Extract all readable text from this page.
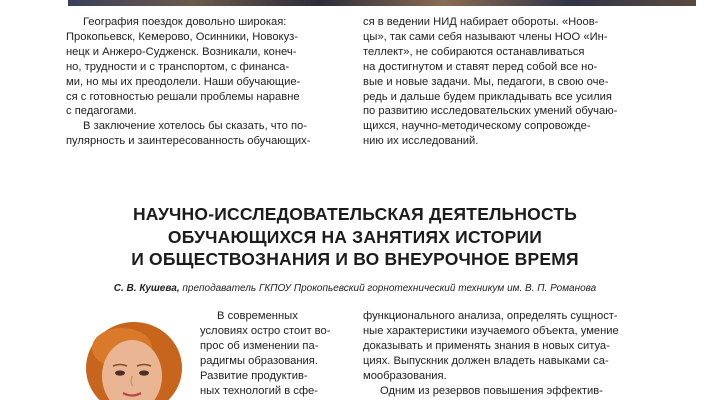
География поездок довольно широкая:
Прокопьевск, Кемерово, Осинники, Новокуз-
нецк и Анжеро-Судженск. Возникали, конеч-
но, трудности и с транспортом, с финанса-
ми, но мы их преодолели. Наши обучающие-
ся с готовностью решали проблемы наравне
с педагогами.
В заключение хотелось бы сказать, что по-
пулярность и заинтересованность обучающих-
ся в ведении НИД набирает обороты. «Ноов-
цы», так сами себя называют члены НОО «Ин-
теллект», не собираются останавливаться
на достигнутом и ставят перед собой все но-
вые и новые задачи. Мы, педагоги, в свою оче-
редь и дальше будем прикладывать все усилия
по развитию исследовательских умений обучаю-
щихся, научно-методическому сопровожде-
нию их исследований.
НАУЧНО-ИССЛЕДОВАТЕЛЬСКАЯ ДЕЯТЕЛЬНОСТЬ
ОБУЧАЮЩИХСЯ НА ЗАНЯТИЯХ ИСТОРИИ
И ОБЩЕСТВОЗНАНИЯ И ВО ВНЕУРОЧНОЕ ВРЕМЯ
С. В. Кушева, преподаватель ГКПОУ Прокопьевский горнотехнический техникум им. В. П. Романова
В современных
условиях остро стоит во-
прос об изменении па-
радигмы образования.
Развитие продуктив-
ных технологий в сфе-
функционального анализа, определять сущност-
ные характеристики изучаемого объекта, умение
доказывать и применять знания в новых ситуа-
циях. Выпускник должен владеть навыками са-
мообразования.
Одним из резервов повышения эффектив-
